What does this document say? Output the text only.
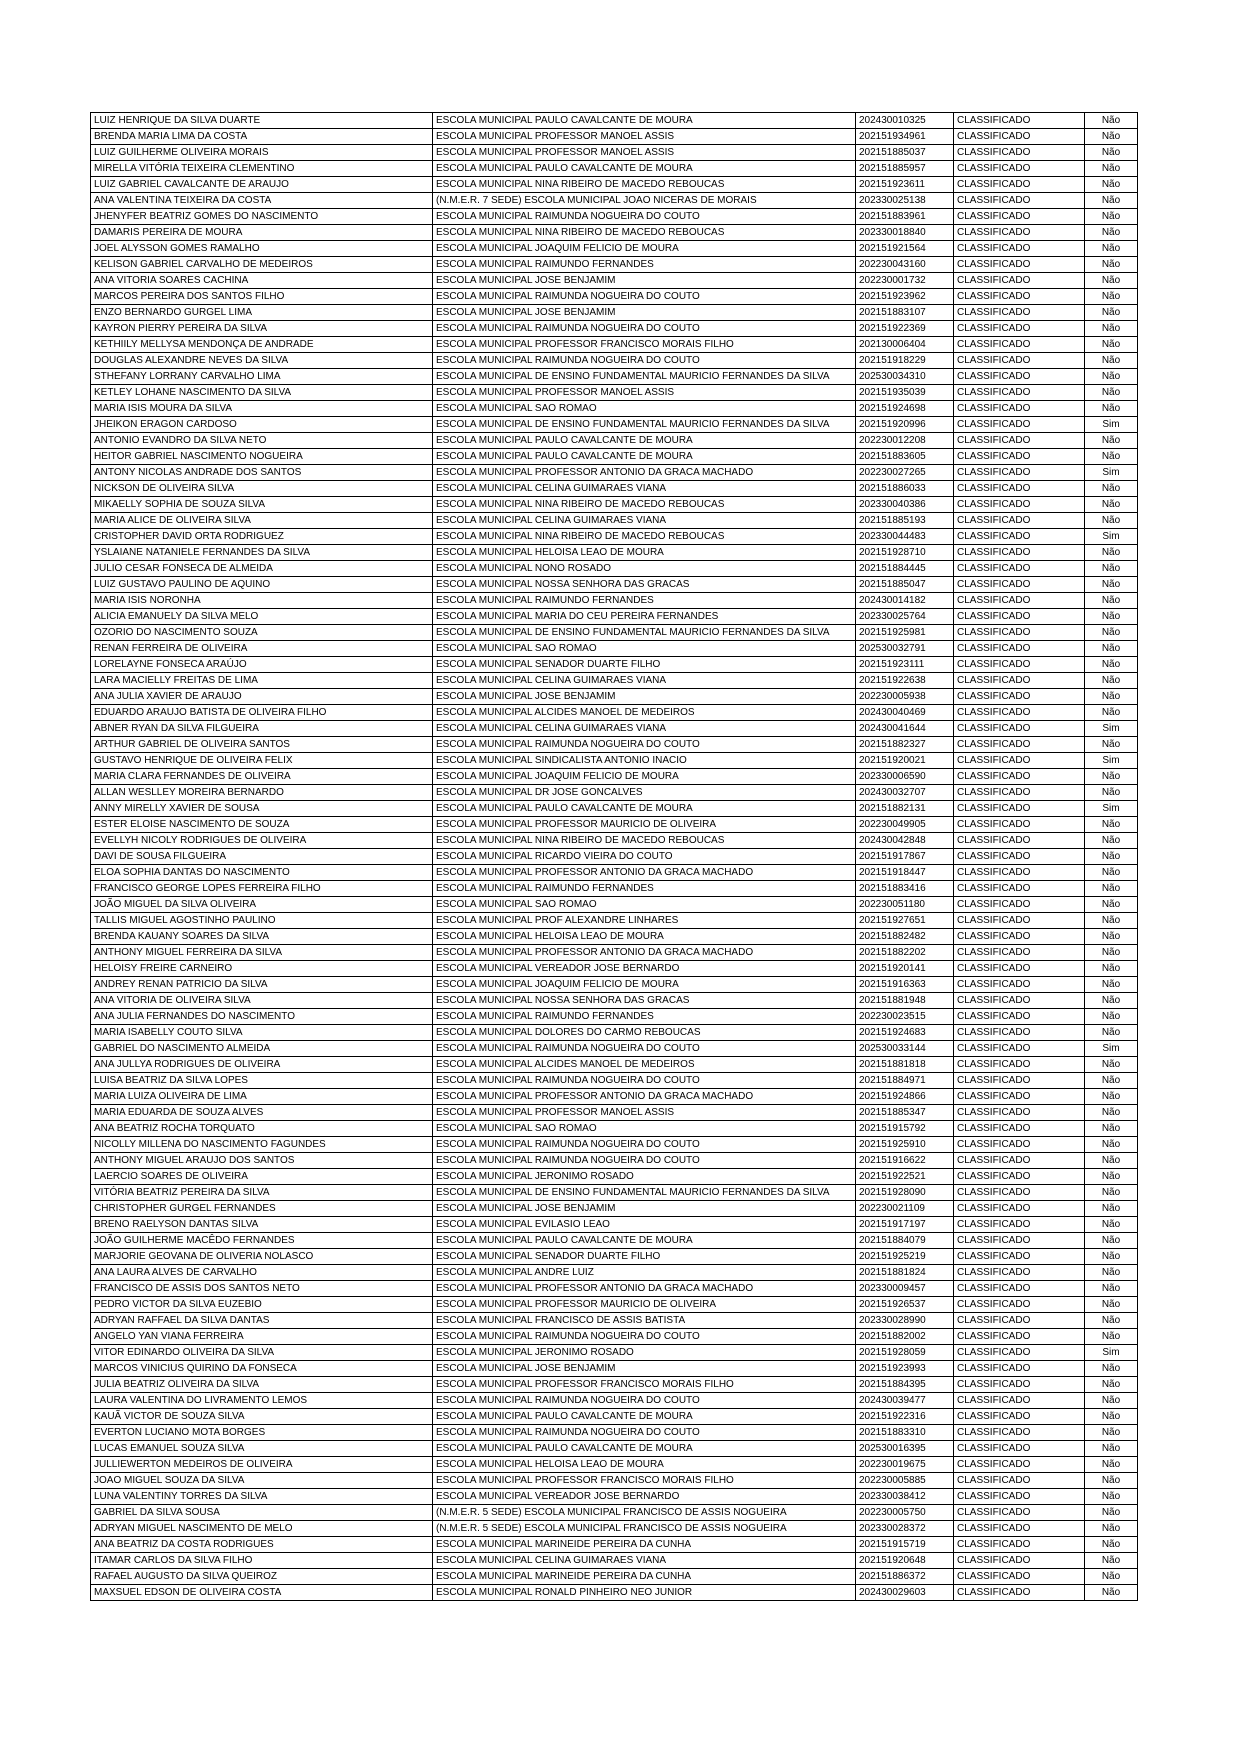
LUIZ HENRIQUE DA SILVA DUARTE	ESCOLA MUNICIPAL PAULO CAVALCANTE DE MOURA	202430010325	CLASSIFICADO	Não
BRENDA MARIA LIMA DA COSTA	ESCOLA MUNICIPAL PROFESSOR MANOEL ASSIS	202151934961	CLASSIFICADO	Não
LUIZ GUILHERME OLIVEIRA MORAIS	ESCOLA MUNICIPAL PROFESSOR MANOEL ASSIS	202151885037	CLASSIFICADO	Não
MIRELLA VITÓRIA TEIXEIRA CLEMENTINO	ESCOLA MUNICIPAL PAULO CAVALCANTE DE MOURA	202151885957	CLASSIFICADO	Não
LUIZ GABRIEL CAVALCANTE DE ARAUJO	ESCOLA MUNICIPAL NINA RIBEIRO DE MACEDO REBOUCAS	202151923611	CLASSIFICADO	Não
ANA VALENTINA TEIXEIRA DA COSTA	(N.M.E.R. 7 SEDE) ESCOLA MUNICIPAL JOAO NICERAS DE MORAIS	202330025138	CLASSIFICADO	Não
JHENYFER BEATRIZ GOMES DO NASCIMENTO	ESCOLA MUNICIPAL RAIMUNDA NOGUEIRA DO COUTO	202151883961	CLASSIFICADO	Não
DAMARIS PEREIRA DE MOURA	ESCOLA MUNICIPAL NINA RIBEIRO DE MACEDO REBOUCAS	202330018840	CLASSIFICADO	Não
JOEL ALYSSON GOMES RAMALHO	ESCOLA MUNICIPAL JOAQUIM FELICIO DE MOURA	202151921564	CLASSIFICADO	Não
KELISON GABRIEL CARVALHO DE MEDEIROS	ESCOLA MUNICIPAL RAIMUNDO FERNANDES	202230043160	CLASSIFICADO	Não
ANA VITORIA SOARES CACHINA	ESCOLA MUNICIPAL JOSE BENJAMIM	202230001732	CLASSIFICADO	Não
MARCOS PEREIRA DOS SANTOS FILHO	ESCOLA MUNICIPAL RAIMUNDA NOGUEIRA DO COUTO	202151923962	CLASSIFICADO	Não
ENZO BERNARDO GURGEL LIMA	ESCOLA MUNICIPAL JOSE BENJAMIM	202151883107	CLASSIFICADO	Não
KAYRON PIERRY PEREIRA DA SILVA	ESCOLA MUNICIPAL RAIMUNDA NOGUEIRA DO COUTO	202151922369	CLASSIFICADO	Não
KETHIILY MELLYSA MENDONÇA DE ANDRADE	ESCOLA MUNICIPAL PROFESSOR FRANCISCO MORAIS FILHO	202130006404	CLASSIFICADO	Não
DOUGLAS ALEXANDRE NEVES DA SILVA	ESCOLA MUNICIPAL RAIMUNDA NOGUEIRA DO COUTO	202151918229	CLASSIFICADO	Não
STHEFANY LORRANY CARVALHO LIMA	ESCOLA MUNICIPAL DE ENSINO FUNDAMENTAL MAURICIO FERNANDES DA SILVA	202530034310	CLASSIFICADO	Não
KETLEY LOHANE NASCIMENTO DA SILVA	ESCOLA MUNICIPAL PROFESSOR MANOEL ASSIS	202151935039	CLASSIFICADO	Não
MARIA ISIS MOURA DA SILVA	ESCOLA MUNICIPAL SAO ROMAO	202151924698	CLASSIFICADO	Não
JHEIKON ERAGON CARDOSO	ESCOLA MUNICIPAL DE ENSINO FUNDAMENTAL MAURICIO FERNANDES DA SILVA	202151920996	CLASSIFICADO	Sim
ANTONIO EVANDRO DA SILVA NETO	ESCOLA MUNICIPAL PAULO CAVALCANTE DE MOURA	202230012208	CLASSIFICADO	Não
HEITOR GABRIEL NASCIMENTO NOGUEIRA	ESCOLA MUNICIPAL PAULO CAVALCANTE DE MOURA	202151883605	CLASSIFICADO	Não
ANTONY NICOLAS ANDRADE DOS SANTOS	ESCOLA MUNICIPAL PROFESSOR ANTONIO DA GRACA MACHADO	202230027265	CLASSIFICADO	Sim
NICKSON DE OLIVEIRA SILVA	ESCOLA MUNICIPAL CELINA GUIMARAES VIANA	202151886033	CLASSIFICADO	Não
MIKAELLY SOPHIA DE SOUZA SILVA	ESCOLA MUNICIPAL NINA RIBEIRO DE MACEDO REBOUCAS	202330040386	CLASSIFICADO	Não
MARIA ALICE DE OLIVEIRA SILVA	ESCOLA MUNICIPAL CELINA GUIMARAES VIANA	202151885193	CLASSIFICADO	Não
CRISTOPHER DAVID ORTA RODRIGUEZ	ESCOLA MUNICIPAL NINA RIBEIRO DE MACEDO REBOUCAS	202330044483	CLASSIFICADO	Sim
YSLAIANE NATANIELE FERNANDES DA SILVA	ESCOLA MUNICIPAL HELOISA LEAO DE MOURA	202151928710	CLASSIFICADO	Não
JULIO CESAR FONSECA DE ALMEIDA	ESCOLA MUNICIPAL NONO ROSADO	202151884445	CLASSIFICADO	Não
LUIZ GUSTAVO PAULINO DE AQUINO	ESCOLA MUNICIPAL NOSSA SENHORA DAS GRACAS	202151885047	CLASSIFICADO	Não
MARIA ISIS NORONHA	ESCOLA MUNICIPAL RAIMUNDO FERNANDES	202430014182	CLASSIFICADO	Não
ALICIA EMANUELY DA SILVA MELO	ESCOLA MUNICIPAL MARIA DO CEU PEREIRA FERNANDES	202330025764	CLASSIFICADO	Não
OZORIO DO NASCIMENTO SOUZA	ESCOLA MUNICIPAL DE ENSINO FUNDAMENTAL MAURICIO FERNANDES DA SILVA	202151925981	CLASSIFICADO	Não
RENAN FERREIRA DE OLIVEIRA	ESCOLA MUNICIPAL SAO ROMAO	202530032791	CLASSIFICADO	Não
LORELAYNE FONSECA ARAÚJO	ESCOLA MUNICIPAL SENADOR DUARTE FILHO	202151923111	CLASSIFICADO	Não
LARA MACIELLY FREITAS DE LIMA	ESCOLA MUNICIPAL CELINA GUIMARAES VIANA	202151922638	CLASSIFICADO	Não
ANA JULIA XAVIER DE ARAUJO	ESCOLA MUNICIPAL JOSE BENJAMIM	202230005938	CLASSIFICADO	Não
EDUARDO ARAUJO BATISTA DE OLIVEIRA FILHO	ESCOLA MUNICIPAL ALCIDES MANOEL DE MEDEIROS	202430040469	CLASSIFICADO	Não
ABNER RYAN DA SILVA FILGUEIRA	ESCOLA MUNICIPAL CELINA GUIMARAES VIANA	202430041644	CLASSIFICADO	Sim
ARTHUR GABRIEL DE OLIVEIRA SANTOS	ESCOLA MUNICIPAL RAIMUNDA NOGUEIRA DO COUTO	202151882327	CLASSIFICADO	Não
GUSTAVO HENRIQUE DE OLIVEIRA FELIX	ESCOLA MUNICIPAL SINDICALISTA ANTONIO INACIO	202151920021	CLASSIFICADO	Sim
MARIA CLARA FERNANDES DE OLIVEIRA	ESCOLA MUNICIPAL JOAQUIM FELICIO DE MOURA	202330006590	CLASSIFICADO	Não
ALLAN WESLLEY MOREIRA BERNARDO	ESCOLA MUNICIPAL DR JOSE GONCALVES	202430032707	CLASSIFICADO	Não
ANNY MIRELLY XAVIER DE SOUSA	ESCOLA MUNICIPAL PAULO CAVALCANTE DE MOURA	202151882131	CLASSIFICADO	Sim
ESTER ELOISE NASCIMENTO DE SOUZA	ESCOLA MUNICIPAL PROFESSOR MAURICIO DE OLIVEIRA	202230049905	CLASSIFICADO	Não
EVELLYH NICOLY RODRIGUES DE OLIVEIRA	ESCOLA MUNICIPAL NINA RIBEIRO DE MACEDO REBOUCAS	202430042848	CLASSIFICADO	Não
DAVI DE SOUSA FILGUEIRA	ESCOLA MUNICIPAL RICARDO VIEIRA DO COUTO	202151917867	CLASSIFICADO	Não
ELOA SOPHIA DANTAS DO NASCIMENTO	ESCOLA MUNICIPAL PROFESSOR ANTONIO DA GRACA MACHADO	202151918447	CLASSIFICADO	Não
FRANCISCO GEORGE LOPES FERREIRA FILHO	ESCOLA MUNICIPAL RAIMUNDO FERNANDES	202151883416	CLASSIFICADO	Não
JOÃO MIGUEL DA SILVA OLIVEIRA	ESCOLA MUNICIPAL SAO ROMAO	202230051180	CLASSIFICADO	Não
TALLIS MIGUEL AGOSTINHO PAULINO	ESCOLA MUNICIPAL PROF ALEXANDRE LINHARES	202151927651	CLASSIFICADO	Não
BRENDA KAUANY SOARES DA SILVA	ESCOLA MUNICIPAL HELOISA LEAO DE MOURA	202151882482	CLASSIFICADO	Não
ANTHONY MIGUEL FERREIRA DA SILVA	ESCOLA MUNICIPAL PROFESSOR ANTONIO DA GRACA MACHADO	202151882202	CLASSIFICADO	Não
HELOISY FREIRE CARNEIRO	ESCOLA MUNICIPAL VEREADOR JOSE BERNARDO	202151920141	CLASSIFICADO	Não
ANDREY RENAN PATRICIO DA SILVA	ESCOLA MUNICIPAL JOAQUIM FELICIO DE MOURA	202151916363	CLASSIFICADO	Não
ANA VITORIA DE OLIVEIRA SILVA	ESCOLA MUNICIPAL NOSSA SENHORA DAS GRACAS	202151881948	CLASSIFICADO	Não
ANA JULIA FERNANDES DO NASCIMENTO	ESCOLA MUNICIPAL RAIMUNDO FERNANDES	202230023515	CLASSIFICADO	Não
MARIA ISABELLY COUTO SILVA	ESCOLA MUNICIPAL DOLORES DO CARMO REBOUCAS	202151924683	CLASSIFICADO	Não
GABRIEL DO NASCIMENTO ALMEIDA	ESCOLA MUNICIPAL RAIMUNDA NOGUEIRA DO COUTO	202530033144	CLASSIFICADO	Sim
ANA JULLYA RODRIGUES DE OLIVEIRA	ESCOLA MUNICIPAL ALCIDES MANOEL DE MEDEIROS	202151881818	CLASSIFICADO	Não
LUISA BEATRIZ DA SILVA LOPES	ESCOLA MUNICIPAL RAIMUNDA NOGUEIRA DO COUTO	202151884971	CLASSIFICADO	Não
MARIA LUIZA OLIVEIRA DE LIMA	ESCOLA MUNICIPAL PROFESSOR ANTONIO DA GRACA MACHADO	202151924866	CLASSIFICADO	Não
MARIA EDUARDA DE SOUZA ALVES	ESCOLA MUNICIPAL PROFESSOR MANOEL ASSIS	202151885347	CLASSIFICADO	Não
ANA BEATRIZ ROCHA TORQUATO	ESCOLA MUNICIPAL SAO ROMAO	202151915792	CLASSIFICADO	Não
NICOLLY MILLENA DO NASCIMENTO FAGUNDES	ESCOLA MUNICIPAL RAIMUNDA NOGUEIRA DO COUTO	202151925910	CLASSIFICADO	Não
ANTHONY MIGUEL ARAUJO DOS SANTOS	ESCOLA MUNICIPAL RAIMUNDA NOGUEIRA DO COUTO	202151916622	CLASSIFICADO	Não
LAERCIO SOARES DE OLIVEIRA	ESCOLA MUNICIPAL JERONIMO ROSADO	202151922521	CLASSIFICADO	Não
VITÓRIA BEATRIZ PEREIRA DA SILVA	ESCOLA MUNICIPAL DE ENSINO FUNDAMENTAL MAURICIO FERNANDES DA SILVA	202151928090	CLASSIFICADO	Não
CHRISTOPHER GURGEL FERNANDES	ESCOLA MUNICIPAL JOSE BENJAMIM	202230021109	CLASSIFICADO	Não
BRENO RAELYSON DANTAS SILVA	ESCOLA MUNICIPAL EVILASIO LEAO	202151917197	CLASSIFICADO	Não
JOÃO GUILHERME MACÊDO FERNANDES	ESCOLA MUNICIPAL PAULO CAVALCANTE DE MOURA	202151884079	CLASSIFICADO	Não
MARJORIE GEOVANA DE OLIVERIA NOLASCO	ESCOLA MUNICIPAL SENADOR DUARTE FILHO	202151925219	CLASSIFICADO	Não
ANA LAURA ALVES DE CARVALHO	ESCOLA MUNICIPAL ANDRE LUIZ	202151881824	CLASSIFICADO	Não
FRANCISCO DE ASSIS DOS SANTOS NETO	ESCOLA MUNICIPAL PROFESSOR ANTONIO DA GRACA MACHADO	202330009457	CLASSIFICADO	Não
PEDRO VICTOR DA SILVA EUZEBIO	ESCOLA MUNICIPAL PROFESSOR MAURICIO DE OLIVEIRA	202151926537	CLASSIFICADO	Não
ADRYAN RAFFAEL DA SILVA DANTAS	ESCOLA MUNICIPAL FRANCISCO DE ASSIS BATISTA	202330028990	CLASSIFICADO	Não
ANGELO YAN VIANA FERREIRA	ESCOLA MUNICIPAL RAIMUNDA NOGUEIRA DO COUTO	202151882002	CLASSIFICADO	Não
VITOR EDINARDO OLIVEIRA DA SILVA	ESCOLA MUNICIPAL JERONIMO ROSADO	202151928059	CLASSIFICADO	Sim
MARCOS VINICIUS QUIRINO DA FONSECA	ESCOLA MUNICIPAL JOSE BENJAMIM	202151923993	CLASSIFICADO	Não
JULIA BEATRIZ OLIVEIRA DA SILVA	ESCOLA MUNICIPAL PROFESSOR FRANCISCO MORAIS FILHO	202151884395	CLASSIFICADO	Não
LAURA VALENTINA DO LIVRAMENTO LEMOS	ESCOLA MUNICIPAL RAIMUNDA NOGUEIRA DO COUTO	202430039477	CLASSIFICADO	Não
KAUÃ VICTOR DE SOUZA SILVA	ESCOLA MUNICIPAL PAULO CAVALCANTE DE MOURA	202151922316	CLASSIFICADO	Não
EVERTON LUCIANO MOTA BORGES	ESCOLA MUNICIPAL RAIMUNDA NOGUEIRA DO COUTO	202151883310	CLASSIFICADO	Não
LUCAS EMANUEL SOUZA SILVA	ESCOLA MUNICIPAL PAULO CAVALCANTE DE MOURA	202530016395	CLASSIFICADO	Não
JULLIEWERTON MEDEIROS DE OLIVEIRA	ESCOLA MUNICIPAL HELOISA LEAO DE MOURA	202230019675	CLASSIFICADO	Não
JOAO MIGUEL SOUZA DA SILVA	ESCOLA MUNICIPAL PROFESSOR FRANCISCO MORAIS FILHO	202230005885	CLASSIFICADO	Não
LUNA VALENTINY TORRES DA SILVA	ESCOLA MUNICIPAL VEREADOR JOSE BERNARDO	202330038412	CLASSIFICADO	Não
GABRIEL DA SILVA SOUSA	(N.M.E.R. 5 SEDE) ESCOLA MUNICIPAL FRANCISCO DE ASSIS NOGUEIRA	202230005750	CLASSIFICADO	Não
ADRYAN MIGUEL NASCIMENTO DE MELO	(N.M.E.R. 5 SEDE) ESCOLA MUNICIPAL FRANCISCO DE ASSIS NOGUEIRA	202330028372	CLASSIFICADO	Não
ANA BEATRIZ DA COSTA RODRIGUES	ESCOLA MUNICIPAL MARINEIDE PEREIRA DA CUNHA	202151915719	CLASSIFICADO	Não
ITAMAR CARLOS DA SILVA FILHO	ESCOLA MUNICIPAL CELINA GUIMARAES VIANA	202151920648	CLASSIFICADO	Não
RAFAEL AUGUSTO DA SILVA QUEIROZ	ESCOLA MUNICIPAL MARINEIDE PEREIRA DA CUNHA	202151886372	CLASSIFICADO	Não
MAXSUEL EDSON DE OLIVEIRA COSTA	ESCOLA MUNICIPAL RONALD PINHEIRO NEO JUNIOR	202430029603	CLASSIFICADO	Não
